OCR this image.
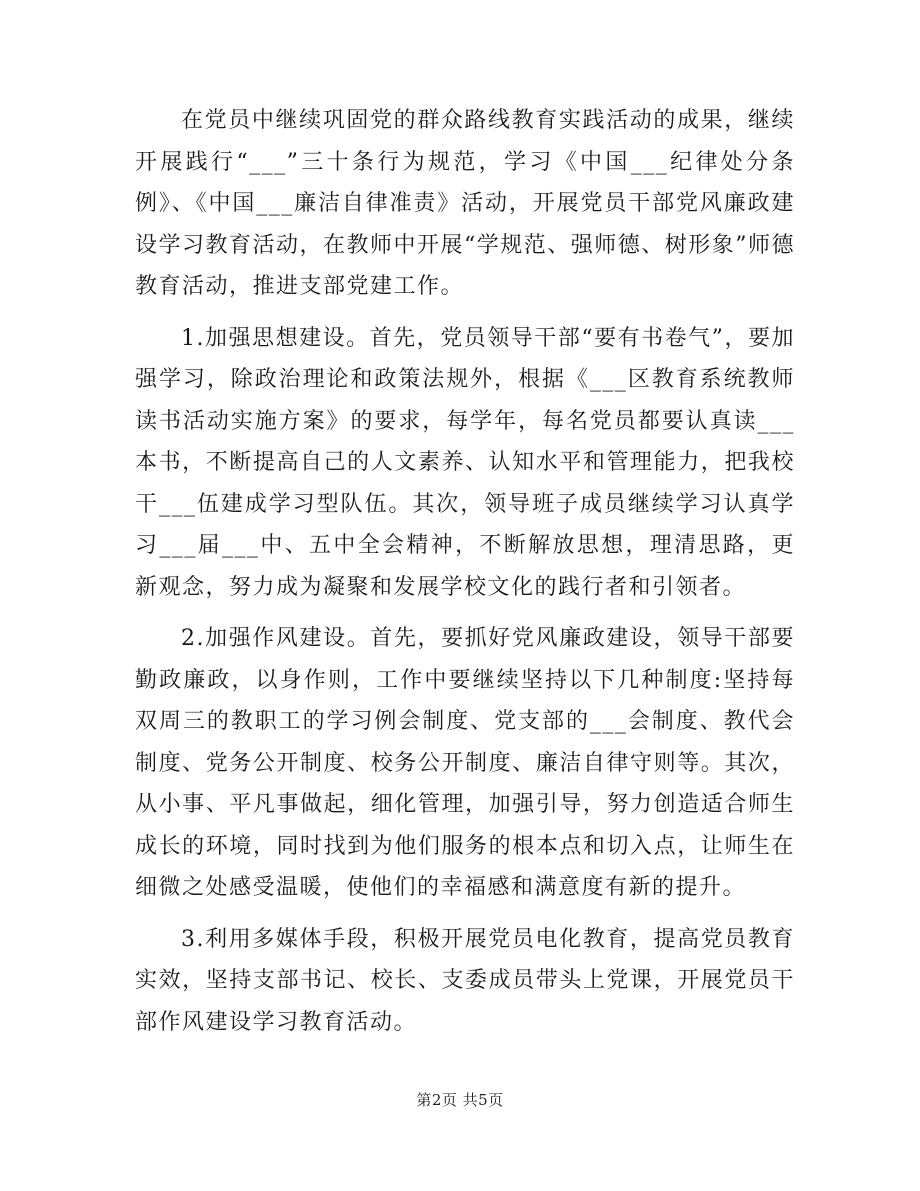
在党员中继续巩固党的群众路线教育实践活动的成果，继续开展践行“___”三十条行为规范，学习《中国___纪律处分条例》、《中国___廉洁自律准责》活动，开展党员干部党风廉政建设学习教育活动，在教师中开展“学规范、强师德、树形象”师德教育活动，推进支部党建工作。

1.加强思想建设。首先，党员领导干部“要有书卷气”，要加强学习，除政治理论和政策法规外，根据《___区教育系统教师读书活动实施方案》的要求，每学年，每名党员都要认真读___本书，不断提高自己的人文素养、认知水平和管理能力，把我校干___伍建成学习型队伍。其次，领导班子成员继续学习认真学习___届___中、五中全会精神，不断解放思想，理清思路，更新观念，努力成为凝聚和发展学校文化的践行者和引领者。

2.加强作风建设。首先，要抓好党风廉政建设，领导干部要勤政廉政，以身作则，工作中要继续坚持以下几种制度:坚持每双周三的教职工的学习例会制度、党支部的___会制度、教代会制度、党务公开制度、校务公开制度、廉洁自律守则等。其次，从小事、平凡事做起，细化管理，加强引导，努力创造适合师生成长的环境，同时找到为他们服务的根本点和切入点，让师生在细微之处感受温暖，使他们的幸福感和满意度有新的提升。

3.利用多媒体手段，积极开展党员电化教育，提高党员教育实效，坚持支部书记、校长、支委成员带头上党课，开展党员干部作风建设学习教育活动。

第2页 共5页
